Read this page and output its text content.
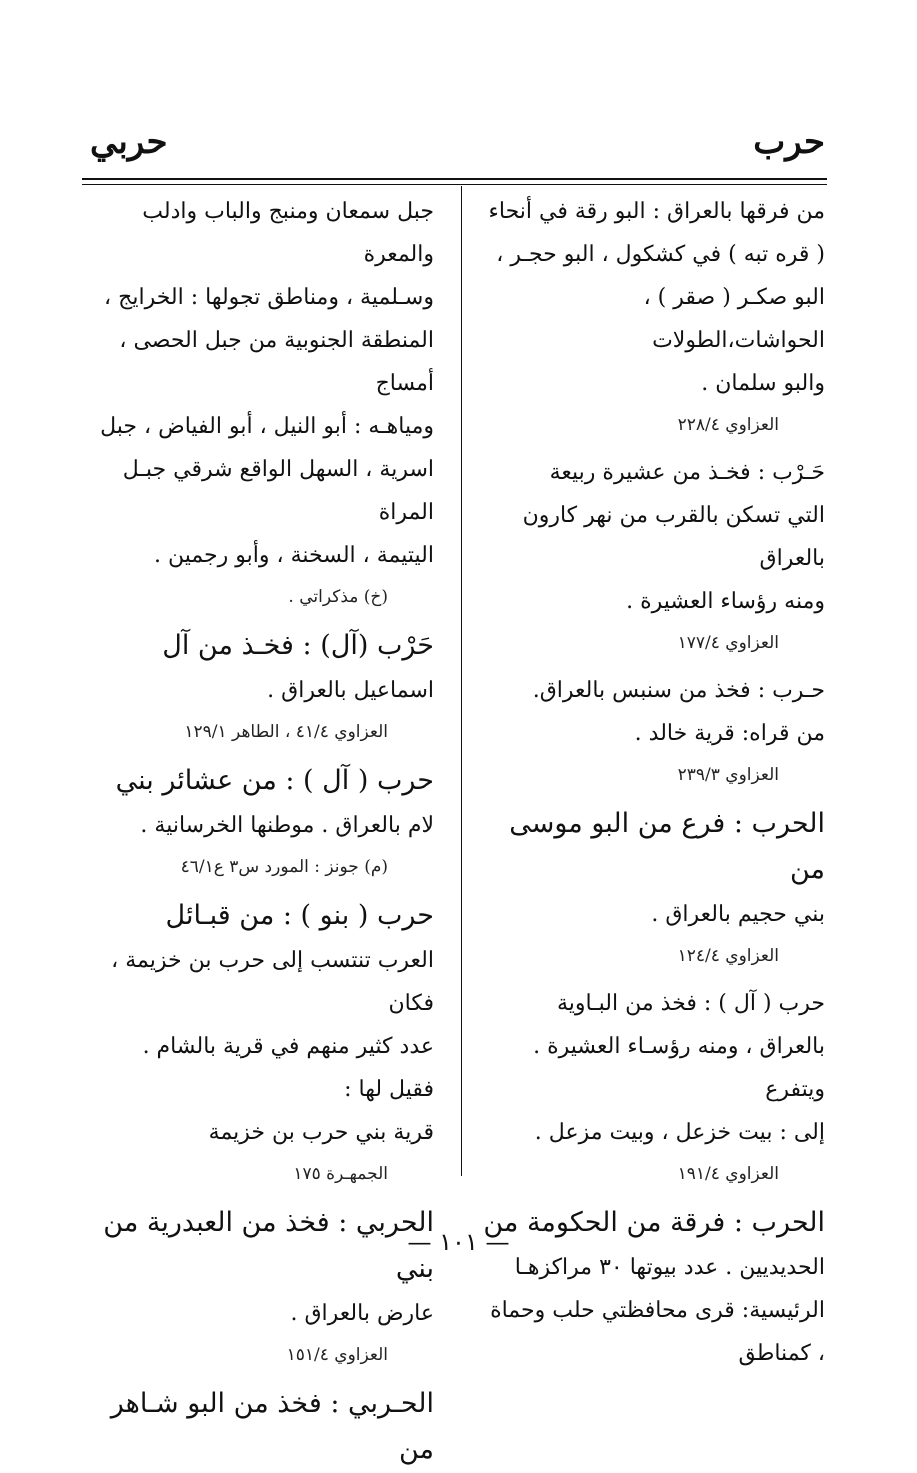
حرب
حربي

من فرقها بالعراق : البو رقة في أنحاء

( قره تبه ) في كشكول ، البو حجـر ،

البو صكـر ( صقر ) ، الحواشات،الطولات

والبو سلمان .

العزاوي ٢٢٨/٤

حَـرْب : فخـذ من عشيرة ربيعة

التي تسكن بالقرب من نهر كارون بالعراق

ومنه رؤساء العشيرة .

العزاوي ١٧٧/٤

حـرب : فخذ من سنبس بالعراق.

من قراه: قرية خالد .

العزاوي ٢٣٩/٣

الحرب : فرع من البو موسى من

بني حجيم بالعراق .

العزاوي ١٢٤/٤

حرب ( آل ) : فخذ من البـاوية

بالعراق ، ومنه رؤسـاء العشيرة . ويتفرع

إلى : بيت خزعل ، وبيت مزعل .

العزاوي ١٩١/٤

الحرب : فرقة من الحكومة من

الحديديين . عدد بيوتها ٣٠ مراكزهـا

الرئيسية: قرى محافظتي حلب وحماة ، كمناطق

جبل سمعان ومنبج والباب وادلب والمعرة

وسـلمية ، ومناطق تجولها : الخرايج ،

المنطقة الجنوبية من جبل الحصى ، أمساج

ومياهـه : أبو النيل ، أبو الفياض ، جبل

اسرية ، السهل الواقع شرقي جبـل المراة

اليتيمة ، السخنة ، وأبو رجمين .

(خ) مذكراتي .

حَرْب (آل) : فخـذ من آل

اسماعيل بالعراق .

العزاوي ٤١/٤ ، الطاهر ١٢٩/١

حرب ( آل ) : من عشائر بني

لام بالعراق . موطنها الخرسانية .

(م) جونز : المورد س٣ ع٤٦/١

حرب ( بنو ) : من قبـائل

العرب تنتسب إلى حرب بن خزيمة ، فكان

عدد كثير منهم في قرية بالشام . فقيل لها :

قرية بني حرب بن خزيمة

الجمهـرة ١٧٥

الحربي : فخذ من العبدرية من بني

عارض بالعراق .

العزاوي ١٥١/٤

الحـربي : فخذ من البو شـاهر من

— ١٠١ —
